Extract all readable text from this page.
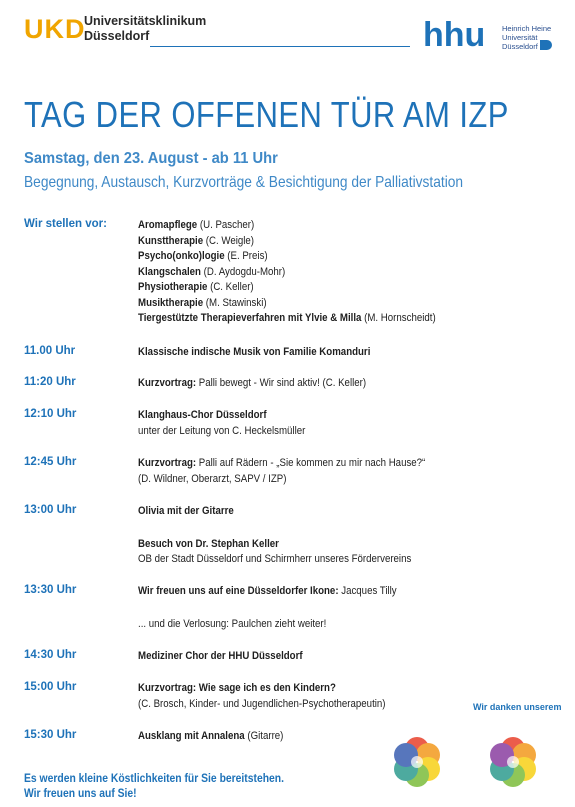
UKD
Universitätsklinikum
Düsseldorf	hhu Heinrich Heine
Universität
Düsseldorf
TAG DER OFFENEN TÜR AM IZP
Samstag, den 23. August - ab 11 Uhr
Begegnung, Austausch, Kurzvorträge & Besichtigung der Palliativstation
Wir stellen vor:	Aromapflege (U. Pascher)
Kunsttherapie (C. Weigle)
Psycho(onko)logie (E. Preis)
Klangschalen (D. Aydogdu-Mohr)
Physiotherapie (C. Keller)
Musiktherapie (M. Stawinski)
Tiergestützte Therapieverfahren mit Ylvie & Milla (M. Hornscheidt)
11.00 Uhr	Klassische indische Musik von Familie Komanduri
11:20 Uhr	Kurzvortrag: Palli bewegt - Wir sind aktiv! (C. Keller)
12:10 Uhr	Klanghaus-Chor Düsseldorf
unter der Leitung von C. Heckelsmüller
12:45 Uhr	Kurzvortrag: Palli auf Rädern - „Sie kommen zu mir nach Hause?“
(D. Wildner, Oberarzt, SAPV / IZP)
13:00 Uhr	Olivia mit der Gitarre
Besuch von Dr. Stephan Keller
OB der Stadt Düsseldorf und Schirmherr unseres Fördervereins
13:30 Uhr	Wir freuen uns auf eine Düsseldorfer Ikone: Jacques Tilly
... und die Verlosung: Paulchen zieht weiter!
14:30 Uhr	Mediziner Chor der HHU Düsseldorf
15:00 Uhr	Kurzvortrag: Wie sage ich es den Kindern?
(C. Brosch, Kinder- und Jugendlichen-Psychotherapeutin)
15:30 Uhr	Ausklang mit Annalena (Gitarre)
Wir danken unserem
Es werden kleine Köstlichkeiten für Sie bereitstehen.
Wir freuen uns auf Sie!
